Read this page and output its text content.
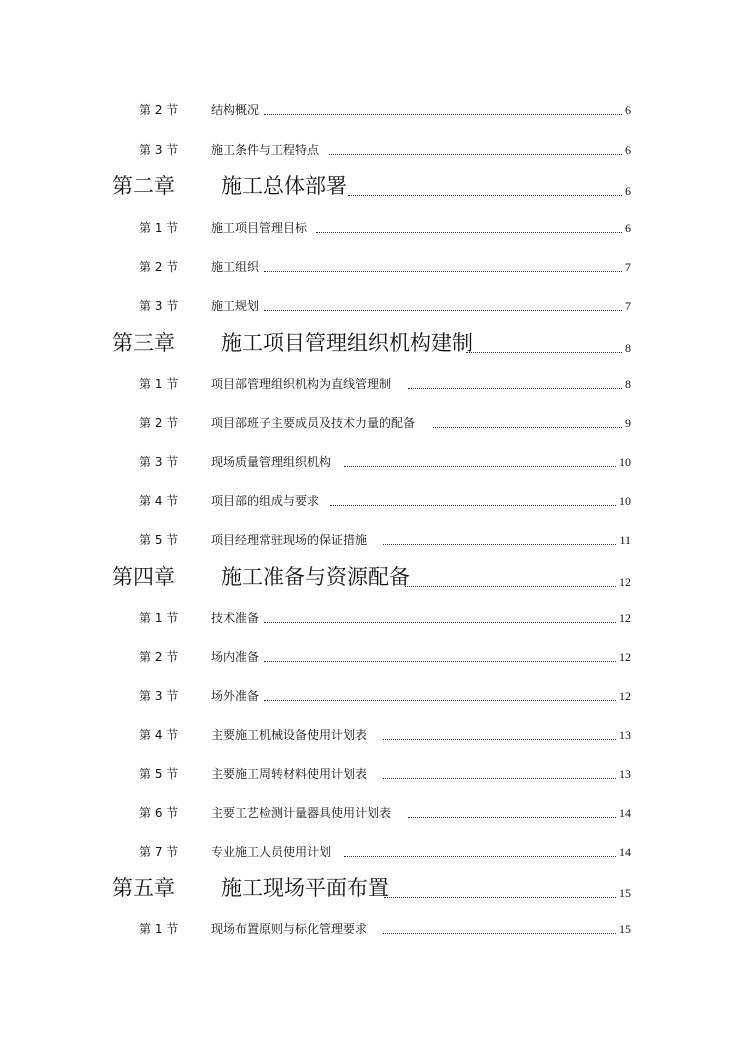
第 2 节	结构概况	6
第 3 节	施工条件与工程特点	6
第二章 施工总体部署	6
第 1 节	施工项目管理目标	6
第 2 节	施工组织	7
第 3 节	施工规划	7
第三章 施工项目管理组织机构建制	8
第 1 节	项目部管理组织机构为直线管理制	8
第 2 节	项目部班子主要成员及技术力量的配备	9
第 3 节	现场质量管理组织机构	10
第 4 节	项目部的组成与要求	10
第 5 节	项目经理常驻现场的保证措施	11
第四章 施工准备与资源配备	12
第 1 节	技术准备	12
第 2 节	场内准备	12
第 3 节	场外准备	12
第 4 节	主要施工机械设备使用计划表	13
第 5 节	主要施工周转材料使用计划表	13
第 6 节	主要工艺检测计量器具使用计划表	14
第 7 节	专业施工人员使用计划	14
第五章 施工现场平面布置	15
第 1 节	现场布置原则与标化管理要求	15
